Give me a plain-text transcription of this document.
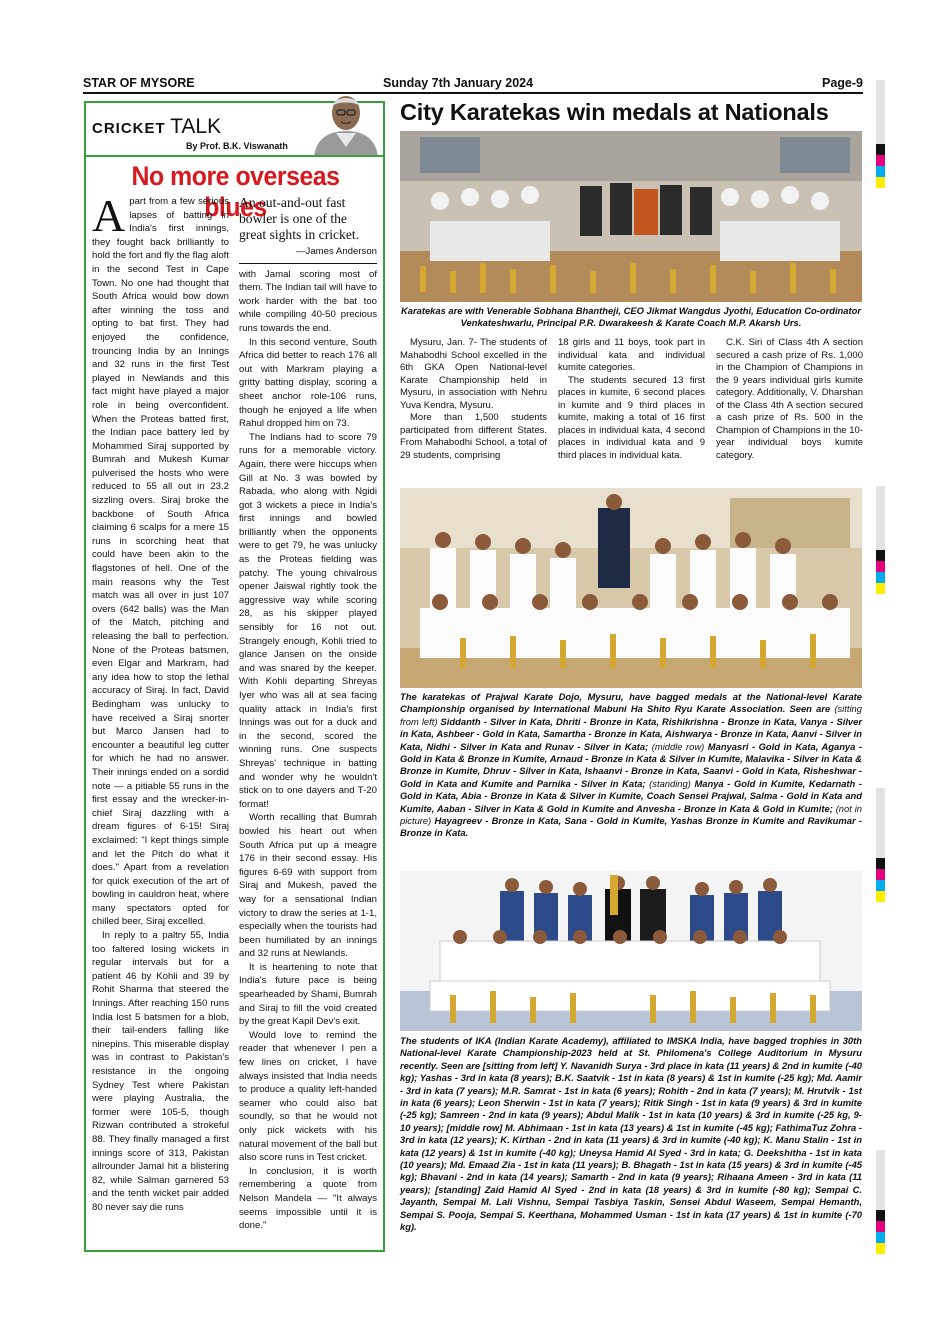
STAR OF MYSORE	Sunday 7th January 2024	Page-9
CRICKET TALK
By Prof. B.K. Viswanath
No more overseas blues
A part from a few serious lapses of batting in India's first innings, they fought back brilliantly to hold the fort and fly the flag aloft in the second Test in Cape Town. No one had thought that South Africa would bow down after winning the toss and opting to bat first. They had enjoyed the confidence, trouncing India by an Innings and 32 runs in the first Test played in Newlands and this fact might have played a major role in being overconfident. When the Proteas batted first, the Indian pace battery led by Mohammed Siraj supported by Bumrah and Mukesh Kumar pulverised the hosts who were reduced to 55 all out in 23.2 sizzling overs. Siraj broke the backbone of South Africa claiming 6 scalps for a mere 15 runs in scorching heat that could have been akin to the flagstones of hell. One of the main reasons why the Test match was all over in just 107 overs (642 balls) was the Man of the Match, pitching and releasing the ball to perfection. None of the Proteas batsmen, even Elgar and Markram, had any idea how to stop the lethal accuracy of Siraj. In fact, David Bedingham was unlucky to have received a Siraj snorter but Marco Jansen had to encounter a beautiful leg cutter for which he had no answer. Their innings ended on a sordid note — a pitiable 55 runs in the first essay and the wrecker-in-chief Siraj dazzling with a dream figures of 6-15! Siraj exclaimed: "I kept things simple and let the Pitch do what it does." Apart from a revelation for quick execution of the art of bowling in cauldron heat, where many spectators opted for chilled beer, Siraj excelled.

In reply to a paltry 55, India too faltered losing wickets in regular intervals but for a patient 46 by Kohli and 39 by Rohit Sharma that steered the Innings. After reaching 150 runs India lost 5 batsmen for a blob, their tail-enders falling like ninepins. This miserable display was in contrast to Pakistan's resistance in the ongoing Sydney Test where Pakistan were playing Australia, the former were 105-5, though Rizwan contributed a strokeful 88. They finally managed a first innings score of 313, Pakistan allrounder Jamal hit a blistering 82, while Salman garnered 53 and the tenth wicket pair added 80 never say die runs

An out-and-out fast bowler is one of the great sights in cricket.
—James Anderson

with Jamal scoring most of them. The Indian tail will have to work harder with the bat too while compiling 40-50 precious runs towards the end.

In this second venture, South Africa did better to reach 176 all out with Markram playing a gritty batting display, scoring a sheet anchor role-106 runs, though he enjoyed a life when Rahul dropped him on 73.

The Indians had to score 79 runs for a memorable victory. Again, there were hiccups when Gill at No. 3 was bowled by Rabada, who along with Ngidi got 3 wickets a piece in India's first innings and bowled brilliantly when the opponents were to get 79, he was unlucky as the Proteas fielding was patchy. The young chivalrous opener Jaiswal rightly took the aggressive way while scoring 28, as his skipper played sensibly for 16 not out. Strangely enough, Kohli tried to glance Jansen on the onside and was snared by the keeper. With Kohli departing Shreyas Iyer who was all at sea facing quality attack in India's first Innings was out for a duck and in the second, scored the winning runs. One suspects Shreyas' technique in batting and wonder why he wouldn't stick on to one dayers and T-20 format!

Worth recalling that Bumrah bowled his heart out when South Africa put up a meagre 176 in their second essay. His figures 6-69 with support from Siraj and Mukesh, paved the way for a sensational Indian victory to draw the series at 1-1, especially when the tourists had been humiliated by an innings and 32 runs at Newlands.

It is heartening to note that India's future pace is being spearheaded by Shami, Bumrah and Siraj to fill the void created by the great Kapil Dev's exit.

Would love to remind the reader that whenever I pen a few lines on cricket, I have always insisted that India needs to produce a quality left-handed seamer who could also bat soundly, so that he would not only pick wickets with his natural movement of the ball but also score runs in Test cricket.

In conclusion, it is worth remembering a quote from Nelson Mandela — "It always seems impossible until it is done."

City Karatekas win medals at Nationals
Karatekas are with Venerable Sobhana Bhantheji, CEO Jikmat Wangdus Jyothi, Education Co-ordinator Venkateshwarlu, Principal P.R. Dwarakeesh & Karate Coach M.P. Akarsh Urs.

Mysuru, Jan. 7- The students of Mahabodhi School excelled in the 6th GKA Open National-level Karate Championship held in Mysuru, in association with Nehru Yuva Kendra, Mysuru.

More than 1,500 students participated from different States. From Mahabodhi School, a total of 29 students, comprising

18 girls and 11 boys, took part in individual kata and individual kumite categories.

The students secured 13 first places in kumite, 6 second places in kumite and 9 third places in kumite, making a total of 16 first places in individual kata, 4 second places in individual kata and 9 third places in individual kata.

C.K. Siri of Class 4th A section secured a cash prize of Rs. 1,000 in the Champion of Champions in the 9 years individual girls kumite category. Additionally, V. Dharshan of the Class 4th A section secured a cash prize of Rs. 500 in the Champion of Champions in the 10-year individual boys kumite category.

The karatekas of Prajwal Karate Dojo, Mysuru, have bagged medals at the National-level Karate Championship organised by International Mabuni Ha Shito Ryu Karate Association. Seen are (sitting from left) Siddanth - Silver in Kata, Dhriti - Bronze in Kata, Rishikrishna - Bronze in Kata, Vanya - Silver in Kata, Ashbeer - Gold in Kata, Samartha - Bronze in Kata, Aishwarya - Bronze in Kata, Aanvi - Silver in Kata, Nidhi - Silver in Kata and Runav - Silver in Kata; (middle row) Manyasri - Gold in Kata, Aganya - Gold in Kata & Bronze in Kumite, Arnaud - Bronze in Kata & Silver in Kumite, Malavika - Silver in Kata & Bronze in Kumite, Dhruv - Silver in Kata, Ishaanvi - Bronze in Kata, Saanvi - Gold in Kata, Risheshwar - Gold in Kata and Kumite and Parnika - Silver in Kata; (standing) Manya - Gold in Kumite, Kedarnath - Gold in Kata, Abia - Bronze in Kata & Silver in Kumite, Coach Sensei Prajwal, Salma - Gold in Kata and Kumite, Aaban - Silver in Kata & Gold in Kumite and Anvesha - Bronze in Kata & Gold in Kumite; (not in picture) Hayagreev - Bronze in Kata, Sana - Gold in Kumite, Yashas Bronze in Kumite and Ravikumar - Bronze in Kata.
The students of IKA (Indian Karate Academy), affiliated to IMSKA India, have bagged trophies in 30th National-level Karate Championship-2023 held at St. Philomena's College Auditorium in Mysuru recently. Seen are [sitting from left] Y. Navanidh Surya - 3rd place in kata (11 years) & 2nd in kumite (-40 kg); Yashas - 3rd in kata (8 years); B.K. Saatvik - 1st in kata (8 years) & 1st in kumite (-25 kg); Md. Aamir - 3rd in kata (7 years); M.R. Samrat - 1st in kata (6 years); Rohith - 2nd in kata (7 years); M. Hrutvik - 1st in kata (6 years); Leon Sherwin - 1st in kata (7 years); Ritik Singh - 1st in kata (9 years) & 3rd in kumite (-25 kg); Samreen - 2nd in kata (9 years); Abdul Malik - 1st in kata (10 years) & 3rd in kumite (-25 kg, 9-10 years); [middle row] M. Abhimaan - 1st in kata (13 years) & 1st in kumite (-45 kg); FathimaTuz Zohra - 3rd in kata (12 years); K. Kirthan - 2nd in kata (11 years) & 3rd in kumite (-40 kg); K. Manu Stalin - 1st in kata (12 years) & 1st in kumite (-40 kg); Uneysa Hamid Al Syed - 3rd in kata; G. Deekshitha - 1st in kata (10 years); Md. Emaad Zia - 1st in kata (11 years); B. Bhagath - 1st in kata (15 years) & 3rd in kumite (-45 kg); Bhavani - 2nd in kata (14 years); Samarth - 2nd in kata (9 years); Rihaana Ameen - 3rd in kata (11 years); [standing] Zaid Hamid Al Syed - 2nd in kata (18 years) & 3rd in kumite (-80 kg); Sempai C. Jayanth, Sempai M. Lali Vishnu, Sempai Tasbiya Taskin, Sensei Abdul Waseem, Sempai Hemanth, Sempai S. Pooja, Sempai S. Keerthana, Mohammed Usman - 1st in kata (17 years) & 1st in kumite (-70 kg).
